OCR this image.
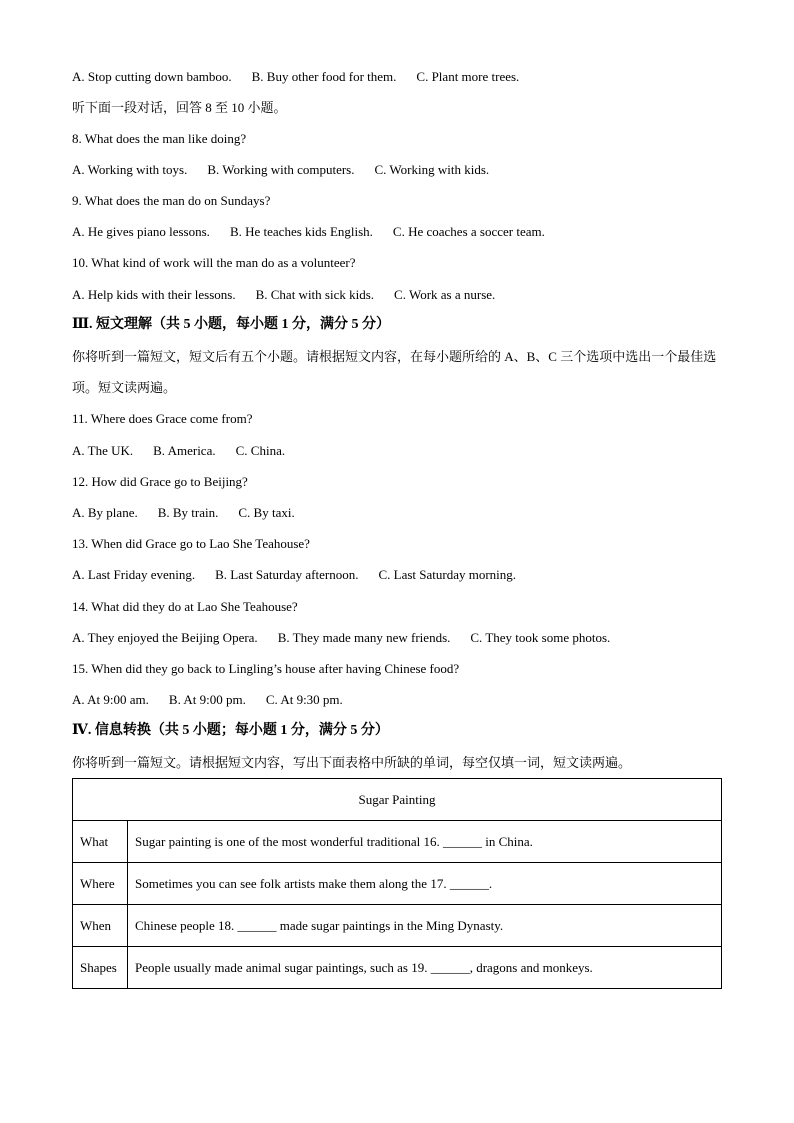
A. Stop cutting down bamboo. B. Buy other food for them. C. Plant more trees.

听下面一段对话，回答 8 至 10 小题。

8. What does the man like doing?

A. Working with toys. B. Working with computers. C. Working with kids.

9. What does the man do on Sundays?

A. He gives piano lessons. B. He teaches kids English. C. He coaches a soccer team.

10. What kind of work will the man do as a volunteer?

A. Help kids with their lessons. B. Chat with sick kids. C. Work as a nurse.

Ⅲ. 短文理解（共 5 小题，每小题 1 分，满分 5 分）

你将听到一篇短文，短文后有五个小题。请根据短文内容，在每小题所给的 A、B、C 三个选项中选出一个最佳选项。短文读两遍。

11. Where does Grace come from?

A. The UK. B. America. C. China.

12. How did Grace go to Beijing?

A. By plane. B. By train. C. By taxi.

13. When did Grace go to Lao She Teahouse?

A. Last Friday evening. B. Last Saturday afternoon. C. Last Saturday morning.

14. What did they do at Lao She Teahouse?

A. They enjoyed the Beijing Opera. B. They made many new friends. C. They took some photos.

15. When did they go back to Lingling’s house after having Chinese food?

A. At 9:00 am. B. At 9:00 pm. C. At 9:30 pm.

Ⅳ. 信息转换（共 5 小题；每小题 1 分，满分 5 分）

你将听到一篇短文。请根据短文内容，写出下面表格中所缺的单词，每空仅填一词，短文读两遍。

Sugar Painting	
What	Sugar painting is one of the most wonderful traditional 16. ______ in China.
Where	Sometimes you can see folk artists make them along the 17. ______.
When	Chinese people 18. ______ made sugar paintings in the Ming Dynasty.
Shapes	People usually made animal sugar paintings, such as 19. ______, dragons and monkeys.
